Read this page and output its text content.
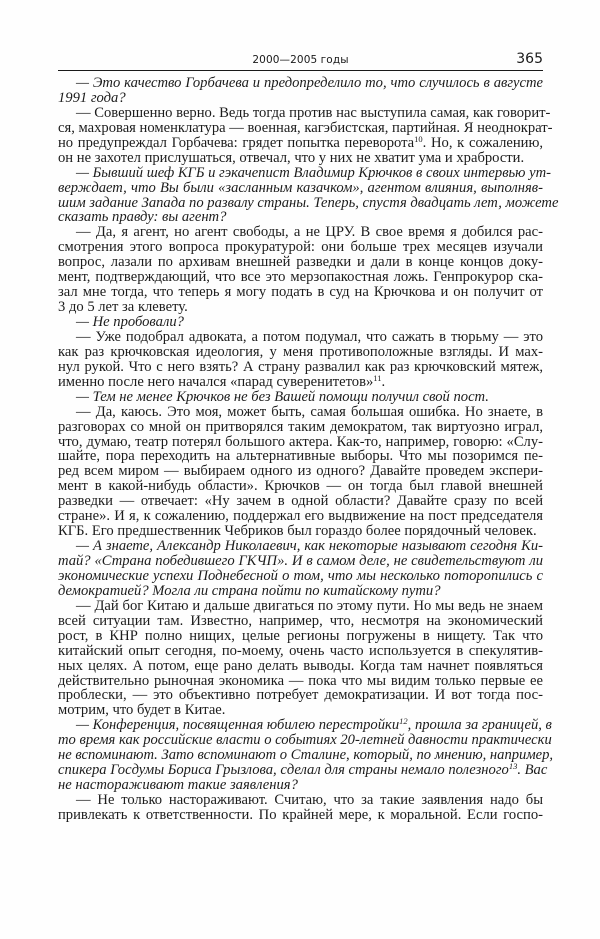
2000—2005 годы	365
— Это качество Горбачева и предопределило то, что случилось в августе
1991 года?
— Совершенно верно. Ведь тогда против нас выступила самая, как говорит-
ся, махровая номенклатура — военная, кагэбистская, партийная. Я неоднократ-
но предупреждал Горбачева: грядет попытка переворота$^{10}$. Но, к сожалению,
он не захотел прислушаться, отвечал, что у них не хватит ума и храбрости.
— Бывший шеф КГБ и гэкачепист Владимир Крючков в своих интервью ут-
верждает, что Вы были «засланным казачком», агентом влияния, выполняв-
шим задание Запада по развалу страны. Теперь, спустя двадцать лет, можете
сказать правду: вы агент?
— Да, я агент, но агент свободы, а не ЦРУ. В свое время я добился рас-
смотрения этого вопроса прокуратурой: они больше трех месяцев изучали
вопрос, лазали по архивам внешней разведки и дали в конце концов доку-
мент, подтверждающий, что все это мерзопакостная ложь. Генпрокурор ска-
зал мне тогда, что теперь я могу подать в суд на Крючкова и он получит от
3 до 5 лет за клевету.
— Не пробовали?
— Уже подобрал адвоката, а потом подумал, что сажать в тюрьму — это
как раз крючковская идеология, у меня противоположные взгляды. И мах-
нул рукой. Что с него взять? А страну развалил как раз крючковский мятеж,
именно после него начался «парад суверенитетов»$^{11}$.
— Тем не менее Крючков не без Вашей помощи получил свой пост.
— Да, каюсь. Это моя, может быть, самая большая ошибка. Но знаете, в
разговорах со мной он притворялся таким демократом, так виртуозно играл,
что, думаю, театр потерял большого актера. Как-то, например, говорю: «Слу-
шайте, пора переходить на альтернативные выборы. Что мы позоримся пе-
ред всем миром — выбираем одного из одного? Давайте проведем экспери-
мент в какой-нибудь области». Крючков — он тогда был главой внешней
разведки — отвечает: «Ну зачем в одной области? Давайте сразу по всей
стране». И я, к сожалению, поддержал его выдвижение на пост председателя
КГБ. Его предшественник Чебриков был гораздо более порядочный человек.
— А знаете, Александр Николаевич, как некоторые называют сегодня Ки-
тай? «Страна победившего ГКЧП». И в самом деле, не свидетельствуют ли
экономические успехи Поднебесной о том, что мы несколько поторопились с
демократией? Могла ли страна пойти по китайскому пути?
— Дай бог Китаю и дальше двигаться по этому пути. Но мы ведь не знаем
всей ситуации там. Известно, например, что, несмотря на экономический
рост, в КНР полно нищих, целые регионы погружены в нищету. Так что
китайский опыт сегодня, по-моему, очень часто используется в спекулятив-
ных целях. А потом, еще рано делать выводы. Когда там начнет появляться
действительно рыночная экономика — пока что мы видим только первые ее
проблески, — это объективно потребует демократизации. И вот тогда пос-
мотрим, что будет в Китае.
— Конференция, посвященная юбилею перестройки$^{12}$, прошла за границей, в
то время как российские власти о событиях 20-летней давности практически
не вспоминают. Зато вспоминают о Сталине, который, по мнению, например,
спикера Госдумы Бориса Грызлова, сделал для страны немало полезного$^{13}$. Вас
не настораживают такие заявления?
— Не только настораживают. Считаю, что за такие заявления надо бы
привлекать к ответственности. По крайней мере, к моральной. Если госпо-
